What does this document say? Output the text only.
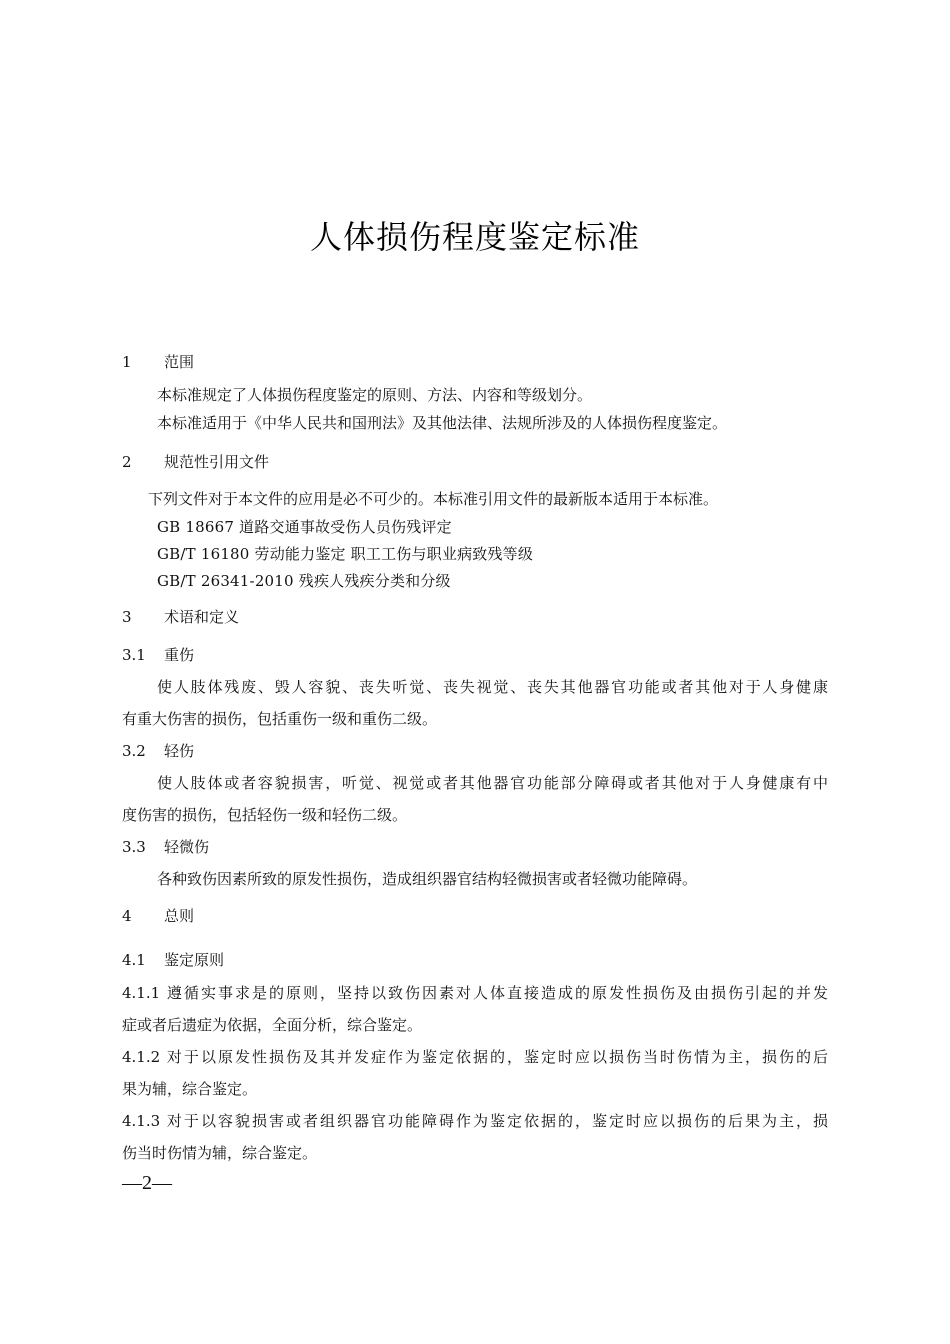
人体损伤程度鉴定标准
1 范围
本标准规定了人体损伤程度鉴定的原则、方法、内容和等级划分。
本标准适用于《中华人民共和国刑法》及其他法律、法规所涉及的人体损伤程度鉴定。
2 规范性引用文件
下列文件对于本文件的应用是必不可少的。本标准引用文件的最新版本适用于本标准。
GB 18667 道路交通事故受伤人员伤残评定
GB/T 16180 劳动能力鉴定 职工工伤与职业病致残等级
GB/T 26341-2010 残疾人残疾分类和分级
3 术语和定义
3.1 重伤
使人肢体残废、毁人容貌、丧失听觉、丧失视觉、丧失其他器官功能或者其他对于人身健康
有重大伤害的损伤，包括重伤一级和重伤二级。
3.2 轻伤
使人肢体或者容貌损害，听觉、视觉或者其他器官功能部分障碍或者其他对于人身健康有中
度伤害的损伤，包括轻伤一级和轻伤二级。
3.3 轻微伤
各种致伤因素所致的原发性损伤，造成组织器官结构轻微损害或者轻微功能障碍。
4 总则
4.1 鉴定原则
4.1.1 遵循实事求是的原则，坚持以致伤因素对人体直接造成的原发性损伤及由损伤引起的并发
症或者后遗症为依据，全面分析，综合鉴定。
4.1.2 对于以原发性损伤及其并发症作为鉴定依据的，鉴定时应以损伤当时伤情为主，损伤的后
果为辅，综合鉴定。
4.1.3 对于以容貌损害或者组织器官功能障碍作为鉴定依据的，鉴定时应以损伤的后果为主，损
伤当时伤情为辅，综合鉴定。
—2—
